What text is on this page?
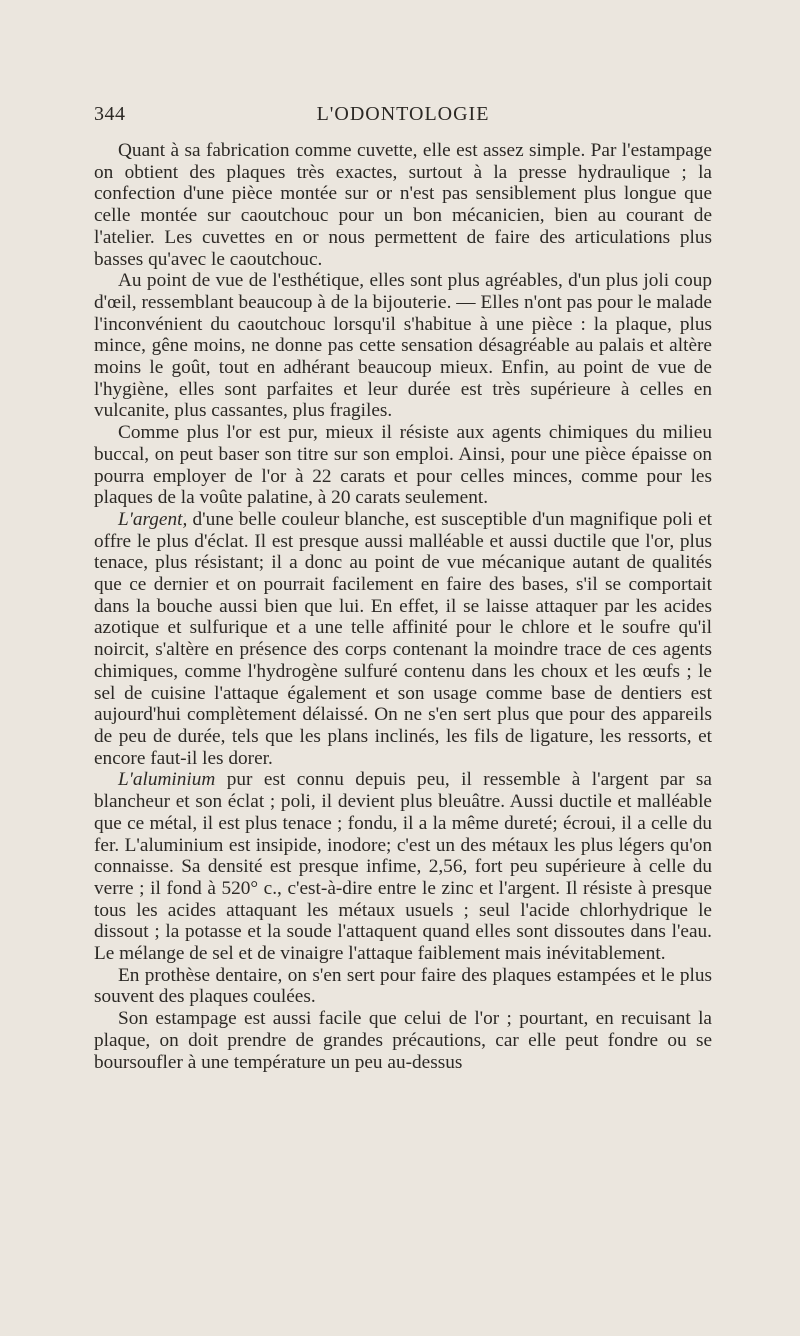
344	L'ODONTOLOGIE

Quant à sa fabrication comme cuvette, elle est assez simple. Par l'estampage on obtient des plaques très exactes, surtout à la presse hydraulique ; la confection d'une pièce montée sur or n'est pas sensiblement plus longue que celle montée sur caoutchouc pour un bon mécanicien, bien au courant de l'atelier. Les cuvettes en or nous permettent de faire des articulations plus basses qu'avec le caoutchouc.

Au point de vue de l'esthétique, elles sont plus agréables, d'un plus joli coup d'œil, ressemblant beaucoup à de la bijouterie. — Elles n'ont pas pour le malade l'inconvénient du caoutchouc lorsqu'il s'habitue à une pièce : la plaque, plus mince, gêne moins, ne donne pas cette sensation désagréable au palais et altère moins le goût, tout en adhérant beaucoup mieux. Enfin, au point de vue de l'hygiène, elles sont parfaites et leur durée est très supérieure à celles en vulcanite, plus cassantes, plus fragiles.

Comme plus l'or est pur, mieux il résiste aux agents chimiques du milieu buccal, on peut baser son titre sur son emploi. Ainsi, pour une pièce épaisse on pourra employer de l'or à 22 carats et pour celles minces, comme pour les plaques de la voûte palatine, à 20 carats seulement.

L'argent, d'une belle couleur blanche, est susceptible d'un magnifique poli et offre le plus d'éclat. Il est presque aussi malléable et aussi ductile que l'or, plus tenace, plus résistant; il a donc au point de vue mécanique autant de qualités que ce dernier et on pourrait facilement en faire des bases, s'il se comportait dans la bouche aussi bien que lui. En effet, il se laisse attaquer par les acides azotique et sulfurique et a une telle affinité pour le chlore et le soufre qu'il noircit, s'altère en présence des corps contenant la moindre trace de ces agents chimiques, comme l'hydrogène sulfuré contenu dans les choux et les œufs ; le sel de cuisine l'attaque également et son usage comme base de dentiers est aujourd'hui complètement délaissé. On ne s'en sert plus que pour des appareils de peu de durée, tels que les plans inclinés, les fils de ligature, les ressorts, et encore faut-il les dorer.

L'aluminium pur est connu depuis peu, il ressemble à l'argent par sa blancheur et son éclat ; poli, il devient plus bleuâtre. Aussi ductile et malléable que ce métal, il est plus tenace ; fondu, il a la même dureté; écroui, il a celle du fer. L'aluminium est insipide, inodore; c'est un des métaux les plus légers qu'on connaisse. Sa densité est presque infime, 2,56, fort peu supérieure à celle du verre ; il fond à 520° c., c'est-à-dire entre le zinc et l'argent. Il résiste à presque tous les acides attaquant les métaux usuels ; seul l'acide chlorhydrique le dissout ; la potasse et la soude l'attaquent quand elles sont dissoutes dans l'eau. Le mélange de sel et de vinaigre l'attaque faiblement mais inévitablement.

En prothèse dentaire, on s'en sert pour faire des plaques estampées et le plus souvent des plaques coulées.

Son estampage est aussi facile que celui de l'or ; pourtant, en recuisant la plaque, on doit prendre de grandes précautions, car elle peut fondre ou se boursoufler à une température un peu au-dessus
